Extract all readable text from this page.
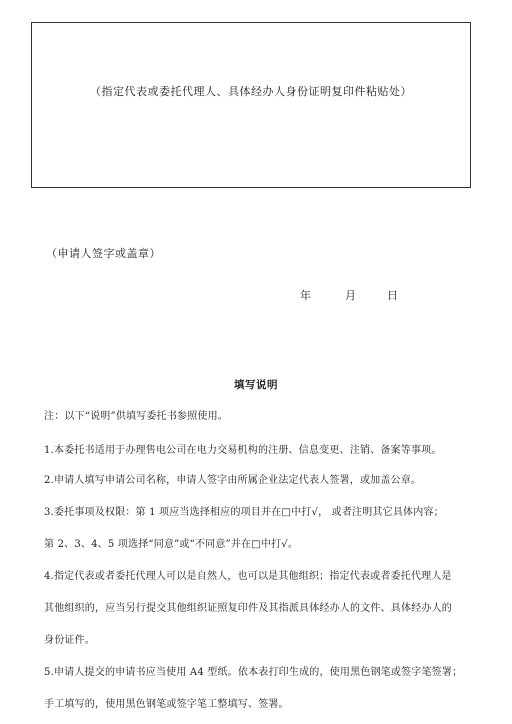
（指定代表或委托代理人、具体经办人身份证明复印件粘贴处）
（申请人签字或盖章）
年	月	日
填写说明
注：以下“说明”供填写委托书参照使用。
1.本委托书适用于办理售电公司在电力交易机构的注册、信息变更、注销、备案等事项。
2.申请人填写申请公司名称，申请人签字由所属企业法定代表人签署，或加盖公章。
3.委托事项及权限：第 1 项应当选择相应的项目并在□中打√， 或者注明其它具体内容；
第 2、3、4、5 项选择“同意”或“不同意”并在□中打√。
4.指定代表或者委托代理人可以是自然人，也可以是其他组织；指定代表或者委托代理人是
其他组织的，应当另行提交其他组织证照复印件及其指派具体经办人的文件、具体经办人的
身份证件。
5.申请人提交的申请书应当使用 A4 型纸。依本表打印生成的，使用黑色钢笔或签字笔签署；
手工填写的，使用黑色钢笔或签字笔工整填写、签署。
